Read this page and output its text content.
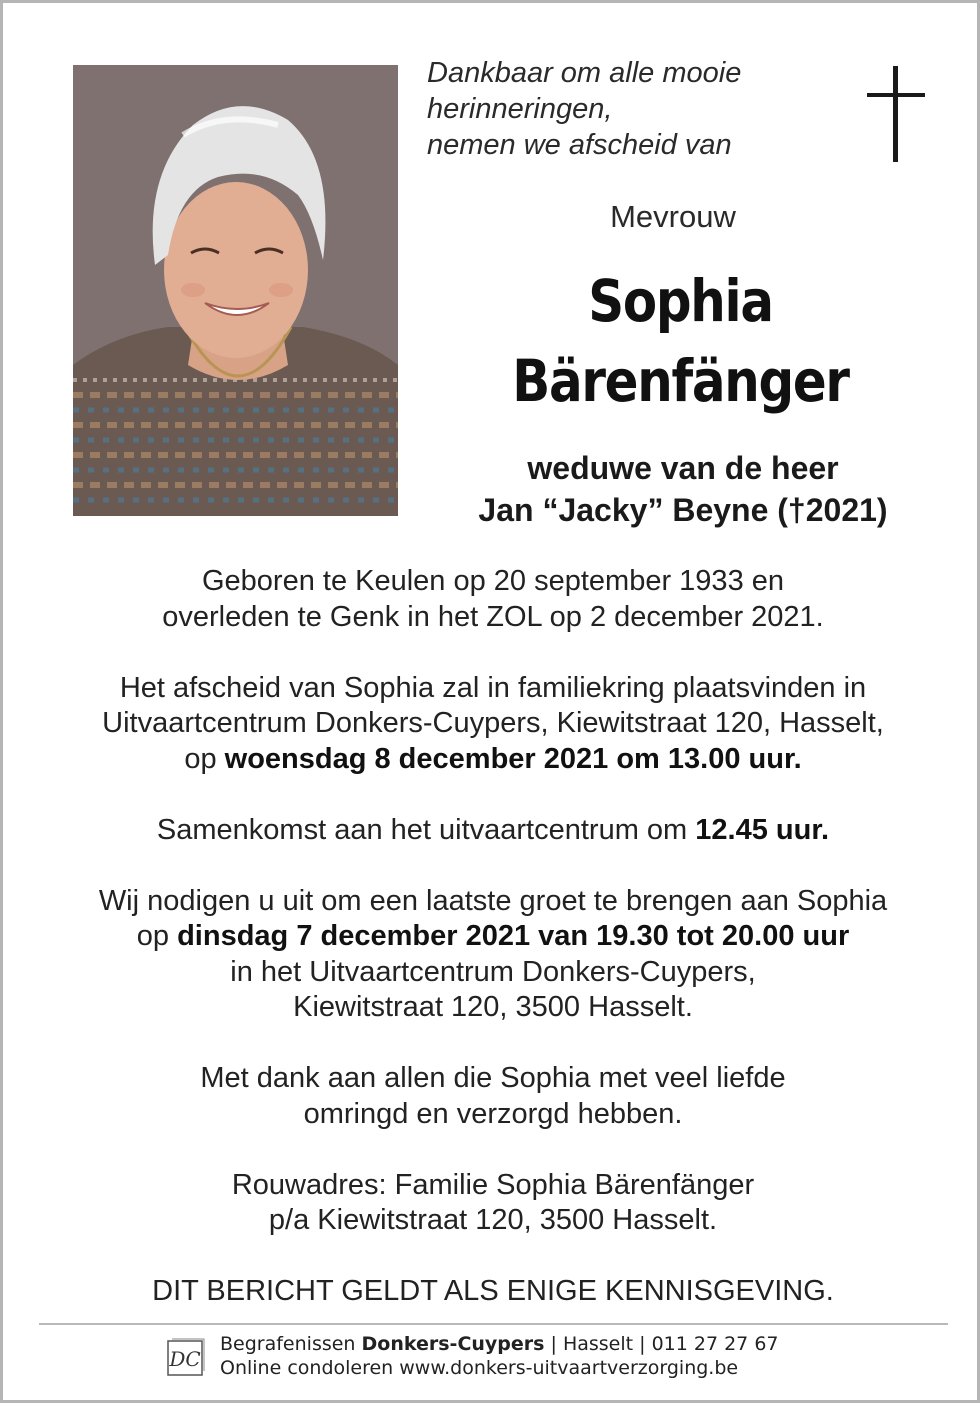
Dankbaar om alle mooie
herinneringen,
nemen we afscheid van
Mevrouw
Sophia
Bärenfänger
weduwe van de heer
Jan “Jacky” Beyne (†2021)

Geboren te Keulen op 20 september 1933 en
overleden te Genk in het ZOL op 2 december 2021.

Het afscheid van Sophia zal in familiekring plaatsvinden in
Uitvaartcentrum Donkers-Cuypers, Kiewitstraat 120, Hasselt,
op woensdag 8 december 2021 om 13.00 uur.

Samenkomst aan het uitvaartcentrum om 12.45 uur.

Wij nodigen u uit om een laatste groet te brengen aan Sophia
op dinsdag 7 december 2021 van 19.30 tot 20.00 uur
in het Uitvaartcentrum Donkers-Cuypers,
Kiewitstraat 120, 3500 Hasselt.

Met dank aan allen die Sophia met veel liefde
omringd en verzorgd hebben.

Rouwadres: Familie Sophia Bärenfänger
p/a Kiewitstraat 120, 3500 Hasselt.

DIT BERICHT GELDT ALS ENIGE KENNISGEVING.

DC
Begrafenissen Donkers-Cuypers | Hasselt | 011 27 27 67
Online condoleren www.donkers-uitvaartverzorging.be
